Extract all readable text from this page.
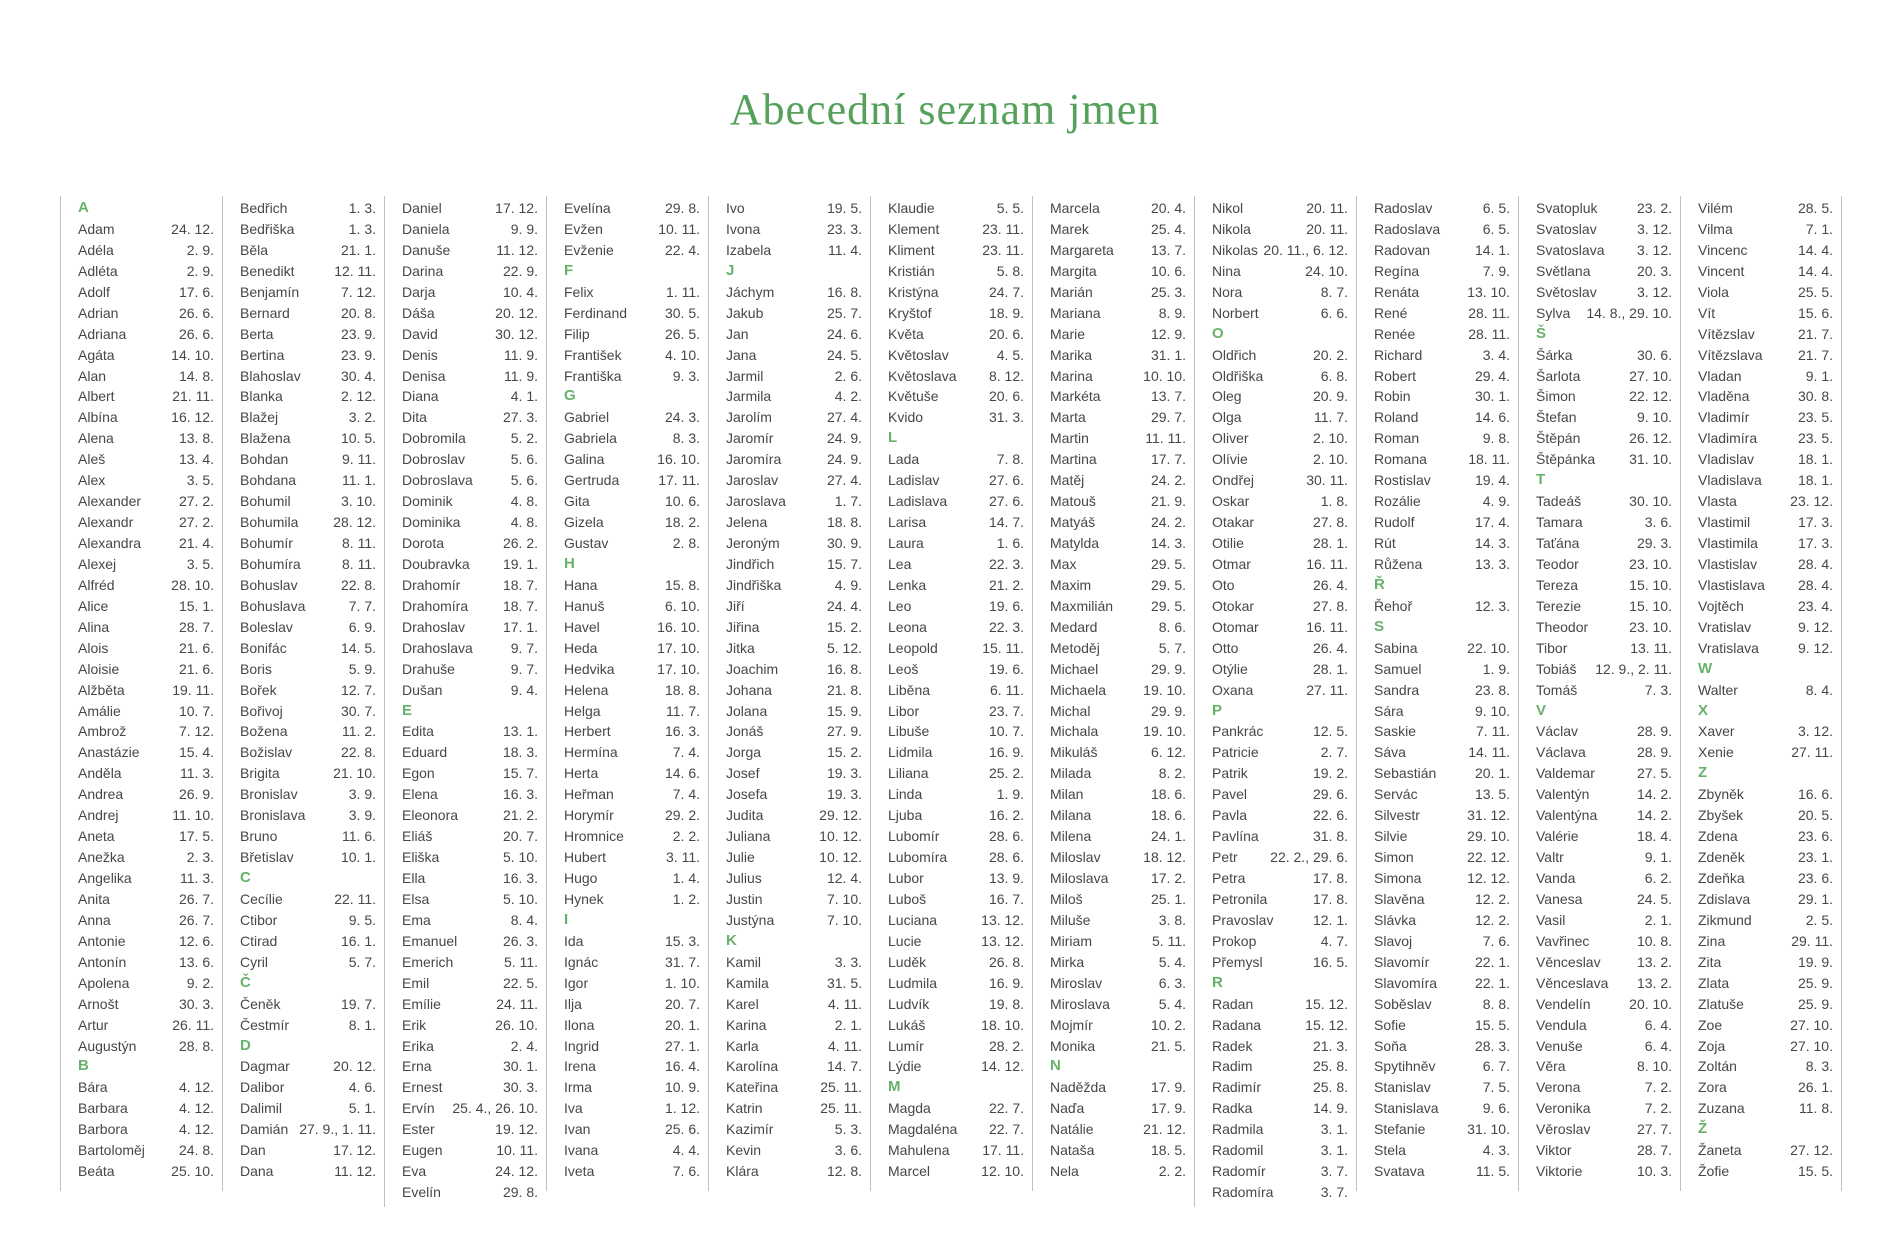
Abecední seznam jmen
A
Adam	24. 12.
Adéla	2. 9.
Adléta	2. 9.
Adolf	17. 6.
Adrian	26. 6.
Adriana	26. 6.
Agáta	14. 10.
Alan	14. 8.
Albert	21. 11.
Albína	16. 12.
Alena	13. 8.
Aleš	13. 4.
Alex	3. 5.
Alexander	27. 2.
Alexandr	27. 2.
Alexandra	21. 4.
Alexej	3. 5.
Alfréd	28. 10.
Alice	15. 1.
Alina	28. 7.
Alois	21. 6.
Aloisie	21. 6.
Alžběta	19. 11.
Amálie	10. 7.
Ambrož	7. 12.
Anastázie	15. 4.
Anděla	11. 3.
Andrea	26. 9.
Andrej	11. 10.
Aneta	17. 5.
Anežka	2. 3.
Angelika	11. 3.
Anita	26. 7.
Anna	26. 7.
Antonie	12. 6.
Antonín	13. 6.
Apolena	9. 2.
Arnošt	30. 3.
Artur	26. 11.
Augustýn	28. 8.
B
Bára	4. 12.
Barbara	4. 12.
Barbora	4. 12.
Bartoloměj 24. 8.
Beáta	25. 10.
Bedřich	1. 3.
Bedřiška	1. 3.
Běla	21. 1.
Benedikt	12. 11.
Benjamín	7. 12.
Bernard	20. 8.
Berta	23. 9.
Bertina	23. 9.
Blahoslav	30. 4.
Blanka	2. 12.
Blažej	3. 2.
Blažena	10. 5.
Bohdan	9. 11.
Bohdana	11. 1.
Bohumil	3. 10.
Bohumila 28. 12.
Bohumír	8. 11.
Bohumíra	8. 11.
Bohuslav	22. 8.
Bohuslava	7. 7.
Boleslav	6. 9.
Bonifác	14. 5.
Boris	5. 9.
Bořek	12. 7.
Bořivoj	30. 7.
Božena	11. 2.
Božislav	22. 8.
Brigita	21. 10.
Bronislav	3. 9.
Bronislava	3. 9.
Bruno	11. 6.
Břetislav	10. 1.
C
Cecílie	22. 11.
Ctibor	9. 5.
Ctirad	16. 1.
Cyril	5. 7.
Č
Čeněk	19. 7.
Čestmír	8. 1.
D
Dagmar	20. 12.
Dalibor	4. 6.
Dalimil	5. 1.
Damián 27. 9., 1. 11.
Dan	17. 12.
Dana	11. 12.
Daniel	17. 12.
Daniela	9. 9.
Danuše	11. 12.
Darina	22. 9.
Darja	10. 4.
Dáša	20. 12.
David	30. 12.
Denis	11. 9.
Denisa	11. 9.
Diana	4. 1.
Dita	27. 3.
Dobromila	5. 2.
Dobroslav	5. 6.
Dobroslava	5. 6.
Dominik	4. 8.
Dominika	4. 8.
Dorota	26. 2.
Doubravka 19. 1.
Drahomír	18. 7.
Drahomíra 18. 7.
Drahoslav	17. 1.
Drahoslava	9. 7.
Drahuše	9. 7.
Dušan	9. 4.
E
Edita	13. 1.
Eduard	18. 3.
Egon	15. 7.
Elena	16. 3.
Eleonora	21. 2.
Eliáš	20. 7.
Eliška	5. 10.
Ella	16. 3.
Elsa	5. 10.
Ema	8. 4.
Emanuel	26. 3.
Emerich	5. 11.
Emil	22. 5.
Emílie	24. 11.
Erik	26. 10.
Erika	2. 4.
Erna	30. 1.
Ernest	30. 3.
Ervín 25. 4., 26. 10.
Ester	19. 12.
Eugen	10. 11.
Eva	24. 12.
Evelín	29. 8.
Evelína	29. 8.
Evžen	10. 11.
Evženie	22. 4.
F
Felix	1. 11.
Ferdinand	30. 5.
Filip	26. 5.
František	4. 10.
Františka	9. 3.
G
Gabriel	24. 3.
Gabriela	8. 3.
Galina	16. 10.
Gertruda	17. 11.
Gita	10. 6.
Gizela	18. 2.
Gustav	2. 8.
H
Hana	15. 8.
Hanuš	6. 10.
Havel	16. 10.
Heda	17. 10.
Hedvika	17. 10.
Helena	18. 8.
Helga	11. 7.
Herbert	16. 3.
Hermína	7. 4.
Herta	14. 6.
Heřman	7. 4.
Horymír	29. 2.
Hromnice	2. 2.
Hubert	3. 11.
Hugo	1. 4.
Hynek	1. 2.
I
Ida	15. 3.
Ignác	31. 7.
Igor	1. 10.
Ilja	20. 7.
Ilona	20. 1.
Ingrid	27. 1.
Irena	16. 4.
Irma	10. 9.
Iva	1. 12.
Ivan	25. 6.
Ivana	4. 4.
Iveta	7. 6.
Ivo	19. 5.
Ivona	23. 3.
Izabela	11. 4.
J
Jáchym	16. 8.
Jakub	25. 7.
Jan	24. 6.
Jana	24. 5.
Jarmil	2. 6.
Jarmila	4. 2.
Jarolím	27. 4.
Jaromír	24. 9.
Jaromíra	24. 9.
Jaroslav	27. 4.
Jaroslava	1. 7.
Jelena	18. 8.
Jeroným	30. 9.
Jindřich	15. 7.
Jindřiška	4. 9.
Jiří	24. 4.
Jiřina	15. 2.
Jitka	5. 12.
Joachim	16. 8.
Johana	21. 8.
Jolana	15. 9.
Jonáš	27. 9.
Jorga	15. 2.
Josef	19. 3.
Josefa	19. 3.
Judita	29. 12.
Juliana	10. 12.
Julie	10. 12.
Julius	12. 4.
Justin	7. 10.
Justýna	7. 10.
K
Kamil	3. 3.
Kamila	31. 5.
Karel	4. 11.
Karina	2. 1.
Karla	4. 11.
Karolína	14. 7.
Kateřina	25. 11.
Katrin	25. 11.
Kazimír	5. 3.
Kevin	3. 6.
Klára	12. 8.
Klaudie	5. 5.
Klement	23. 11.
Kliment	23. 11.
Kristián	5. 8.
Kristýna	24. 7.
Kryštof	18. 9.
Květa	20. 6.
Květoslav	4. 5.
Květoslava 8. 12.
Květuše	20. 6.
Kvido	31. 3.
L
Lada	7. 8.
Ladislav	27. 6.
Ladislava	27. 6.
Larisa	14. 7.
Laura	1. 6.
Lea	22. 3.
Lenka	21. 2.
Leo	19. 6.
Leona	22. 3.
Leopold	15. 11.
Leoš	19. 6.
Liběna	6. 11.
Libor	23. 7.
Libuše	10. 7.
Lidmila	16. 9.
Liliana	25. 2.
Linda	1. 9.
Ljuba	16. 2.
Lubomír	28. 6.
Lubomíra	28. 6.
Lubor	13. 9.
Luboš	16. 7.
Luciana	13. 12.
Lucie	13. 12.
Luděk	26. 8.
Ludmila	16. 9.
Ludvík	19. 8.
Lukáš	18. 10.
Lumír	28. 2.
Lýdie	14. 12.
M
Magda	22. 7.
Magdaléna 22. 7.
Mahulena 17. 11.
Marcel	12. 10.
Marcela	20. 4.
Marek	25. 4.
Margareta	13. 7.
Margita	10. 6.
Marián	25. 3.
Mariana	8. 9.
Marie	12. 9.
Marika	31. 1.
Marina	10. 10.
Markéta	13. 7.
Marta	29. 7.
Martin	11. 11.
Martina	17. 7.
Matěj	24. 2.
Matouš	21. 9.
Matyáš	24. 2.
Matylda	14. 3.
Max	29. 5.
Maxim	29. 5.
Maxmilián	29. 5.
Medard	8. 6.
Metoděj	5. 7.
Michael	29. 9.
Michaela	19. 10.
Michal	29. 9.
Michala	19. 10.
Mikuláš	6. 12.
Milada	8. 2.
Milan	18. 6.
Milana	18. 6.
Milena	24. 1.
Miloslav	18. 12.
Miloslava	17. 2.
Miloš	25. 1.
Miluše	3. 8.
Miriam	5. 11.
Mirka	5. 4.
Miroslav	6. 3.
Miroslava	5. 4.
Mojmír	10. 2.
Monika	21. 5.
N
Naděžda	17. 9.
Naďa	17. 9.
Natálie	21. 12.
Nataša	18. 5.
Nela	2. 2.
Nikol	20. 11.
Nikola	20. 11.
Nikolas 20. 11., 6. 12.
Nina	24. 10.
Nora	8. 7.
Norbert	6. 6.
O
Oldřich	20. 2.
Oldřiška	6. 8.
Oleg	20. 9.
Olga	11. 7.
Oliver	2. 10.
Olívie	2. 10.
Ondřej	30. 11.
Oskar	1. 8.
Otakar	27. 8.
Otilie	28. 1.
Otmar	16. 11.
Oto	26. 4.
Otokar	27. 8.
Otomar	16. 11.
Otto	26. 4.
Otýlie	28. 1.
Oxana	27. 11.
P
Pankrác	12. 5.
Patricie	2. 7.
Patrik	19. 2.
Pavel	29. 6.
Pavla	22. 6.
Pavlína	31. 8.
Petr 22. 2., 29. 6.
Petra	17. 8.
Petronila	17. 8.
Pravoslav	12. 1.
Prokop	4. 7.
Přemysl	16. 5.
R
Radan	15. 12.
Radana	15. 12.
Radek	21. 3.
Radim	25. 8.
Radimír	25. 8.
Radka	14. 9.
Radmila	3. 1.
Radomil	3. 1.
Radomír	3. 7.
Radomíra	3. 7.
Radoslav	6. 5.
Radoslava	6. 5.
Radovan	14. 1.
Regína	7. 9.
Renáta	13. 10.
René	28. 11.
Renée	28. 11.
Richard	3. 4.
Robert	29. 4.
Robin	30. 1.
Roland	14. 6.
Roman	9. 8.
Romana	18. 11.
Rostislav	19. 4.
Rozálie	4. 9.
Rudolf	17. 4.
Rút	14. 3.
Růžena	13. 3.
Ř
Řehoř	12. 3.
S
Sabina	22. 10.
Samuel	1. 9.
Sandra	23. 8.
Sára	9. 10.
Saskie	7. 11.
Sáva	14. 11.
Sebastián	20. 1.
Servác	13. 5.
Silvestr	31. 12.
Silvie	29. 10.
Simon	22. 12.
Simona	12. 12.
Slavěna	12. 2.
Slávka	12. 2.
Slavoj	7. 6.
Slavomír	22. 1.
Slavomíra	22. 1.
Soběslav	8. 8.
Sofie	15. 5.
Soňa	28. 3.
Spytihněv	6. 7.
Stanislav	7. 5.
Stanislava	9. 6.
Stefanie	31. 10.
Stela	4. 3.
Svatava	11. 5.
Svatopluk	23. 2.
Svatoslav	3. 12.
Svatoslava 3. 12.
Světlana	20. 3.
Světoslav	3. 12.
Sylva 14. 8., 29. 10.
Š
Šárka	30. 6.
Šarlota	27. 10.
Šimon	22. 12.
Štefan	9. 10.
Štěpán	26. 12.
Štěpánka 31. 10.
T
Tadeáš	30. 10.
Tamara	3. 6.
Taťána	29. 3.
Teodor	23. 10.
Tereza	15. 10.
Terezie	15. 10.
Theodor	23. 10.
Tibor	13. 11.
Tobiáš 12. 9., 2. 11.
Tomáš	7. 3.
V
Václav	28. 9.
Václava	28. 9.
Valdemar	27. 5.
Valentýn	14. 2.
Valentýna	14. 2.
Valérie	18. 4.
Valtr	9. 1.
Vanda	6. 2.
Vanesa	24. 5.
Vasil	2. 1.
Vavřinec	10. 8.
Věnceslav	13. 2.
Věnceslava 13. 2.
Vendelín	20. 10.
Vendula	6. 4.
Venuše	6. 4.
Věra	8. 10.
Verona	7. 2.
Veronika	7. 2.
Věroslav	27. 7.
Viktor	28. 7.
Viktorie	10. 3.
Vilém	28. 5.
Vilma	7. 1.
Vincenc	14. 4.
Vincent	14. 4.
Viola	25. 5.
Vít	15. 6.
Vítězslav	21. 7.
Vítězslava	21. 7.
Vladan	9. 1.
Vladěna	30. 8.
Vladimír	23. 5.
Vladimíra	23. 5.
Vladislav	18. 1.
Vladislava	18. 1.
Vlasta	23. 12.
Vlastimil	17. 3.
Vlastimila	17. 3.
Vlastislav	28. 4.
Vlastislava 28. 4.
Vojtěch	23. 4.
Vratislav	9. 12.
Vratislava	9. 12.
W
Walter	8. 4.
X
Xaver	3. 12.
Xenie	27. 11.
Z
Zbyněk	16. 6.
Zbyšek	20. 5.
Zdena	23. 6.
Zdeněk	23. 1.
Zdeňka	23. 6.
Zdislava	29. 1.
Zikmund	2. 5.
Zina	29. 11.
Zita	19. 9.
Zlata	25. 9.
Zlatuše	25. 9.
Zoe	27. 10.
Zoja	27. 10.
Zoltán	8. 3.
Zora	26. 1.
Zuzana	11. 8.
Ž
Žaneta	27. 12.
Žofie	15. 5.
